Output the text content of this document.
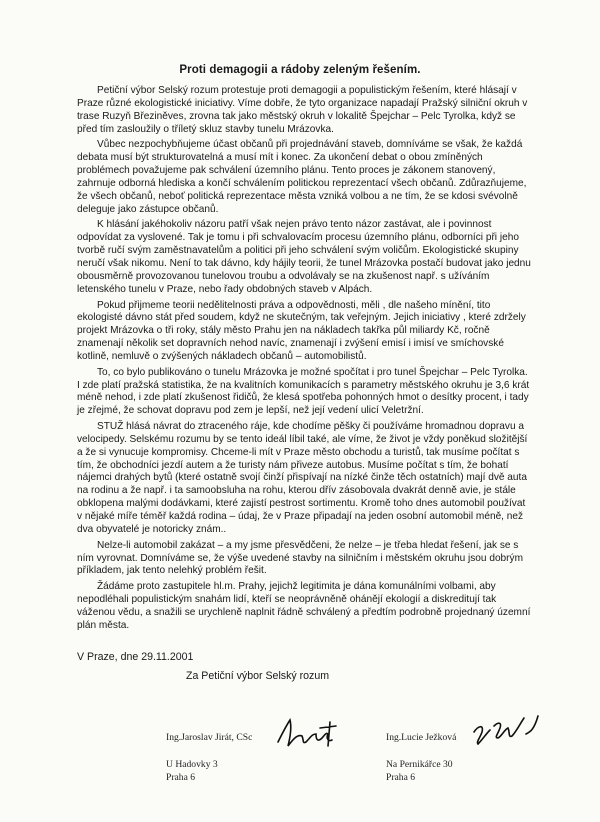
Proti demagogii a rádoby zeleným řešením.

Petiční výbor Selský rozum protestuje proti demagogii a populistickým řešením, které hlásají v Praze různé ekologistické iniciativy. Víme dobře, že tyto organizace napadají Pražský silniční okruh v trase Ruzyň Březiněves, zrovna tak jako městský okruh v lokalitě Špejchar – Pelc Tyrolka, když se před tím zasloužily o tříletý skluz stavby tunelu Mrázovka.

Vůbec nezpochybňujeme účast občanů při projednávání staveb, domníváme se však, že každá debata musí být strukturovatelná a musí mít i konec. Za ukončení debat o obou zmíněných problémech považujeme pak schválení územního plánu. Tento proces je zákonem stanovený, zahrnuje odborná hlediska a končí schválením politickou reprezentací všech občanů. Zdůrazňujeme, že všech občanů, neboť politická reprezentace města vzniká volbou a ne tím, že se kdosi svévolně deleguje jako zástupce občanů.

K hlásání jakéhokoliv názoru patří však nejen právo tento názor zastávat, ale i povinnost odpovídat za vyslovené. Tak je tomu i při schvalovacím procesu územního plánu, odborníci při jeho tvorbě ručí svým zaměstnavatelům a politici při jeho schválení svým voličům. Ekologistické skupiny neručí však nikomu. Není to tak dávno, kdy hájily teorii, že tunel Mrázovka postačí budovat jako jednu obousměrně provozovanou tunelovou troubu a odvolávaly se na zkušenost např. s užíváním letenského tunelu v Praze, nebo řady obdobných staveb v Alpách.

Pokud přijmeme teorii nedělitelnosti práva a odpovědnosti, měli , dle našeho mínění, tito ekologisté dávno stát před soudem, když ne skutečným, tak veřejným. Jejich iniciativy , které zdržely projekt Mrázovka o tři roky, stály město Prahu jen na nákladech takřka půl miliardy Kč, ročně znamenají několik set dopravních nehod navíc, znamenají i zvýšení emisí i imisí ve smíchovské kotlině, nemluvě o zvýšených nákladech občanů – automobilistů.

To, co bylo publikováno o tunelu Mrázovka je možné spočítat i pro tunel Špejchar – Pelc Tyrolka. I zde platí pražská statistika, že na kvalitních komunikacích s parametry městského okruhu je 3,6 krát méně nehod, i zde platí zkušenost řidičů, že klesá spotřeba pohonných hmot o desítky procent, i tady je zřejmé, že schovat dopravu pod zem je lepší, než její vedení ulicí Veletržní.

STUŽ hlásá návrat do ztraceného ráje, kde chodíme pěšky či používáme hromadnou dopravu a velocipedy. Selskému rozumu by se tento ideál líbil také, ale víme, že život je vždy poněkud složitější a že si vynucuje kompromisy. Chceme-li mít v Praze město obchodu a turistů, tak musíme počítat s tím, že obchodníci jezdí autem a že turisty nám přiveze autobus. Musíme počítat s tím, že bohatí nájemci drahých bytů (které ostatně svojí činží přispívají na nízké činže těch ostatních) mají dvě auta na rodinu a že např. i ta samoobsluha na rohu, kterou dřív zásobovala dvakrát denně avie, je stále obklopena malými dodávkami, které zajistí pestrost sortimentu. Kromě toho dnes automobil používat v nějaké míře téměř každá rodina – údaj, že v Praze připadají na jeden osobní automobil méně, než dva obyvatelé je notoricky znám..

Nelze-li automobil zakázat – a my jsme přesvědčeni, že nelze – je třeba hledat řešení, jak se s ním vyrovnat. Domníváme se, že výše uvedené stavby na silničním i městském okruhu jsou dobrým příkladem, jak tento nelehký problém řešit.

Žádáme proto zastupitele hl.m. Prahy, jejichž legitimita je dána komunálními volbami, aby nepodléhali populistickým snahám lidí, kteří se neoprávněně ohánějí ekologií a diskreditují tak váženou vědu, a snažili se urychleně naplnit řádně schválený a předtím podrobně projednaný územní plán města.

V Praze, dne 29.11.2001
Za Petiční výbor Selský rozum
Ing.Jaroslav Jirát, CSc
U Hadovky 3
Praha 6
Ing.Lucie Ježková
Na Pernikářce 30
Praha 6
